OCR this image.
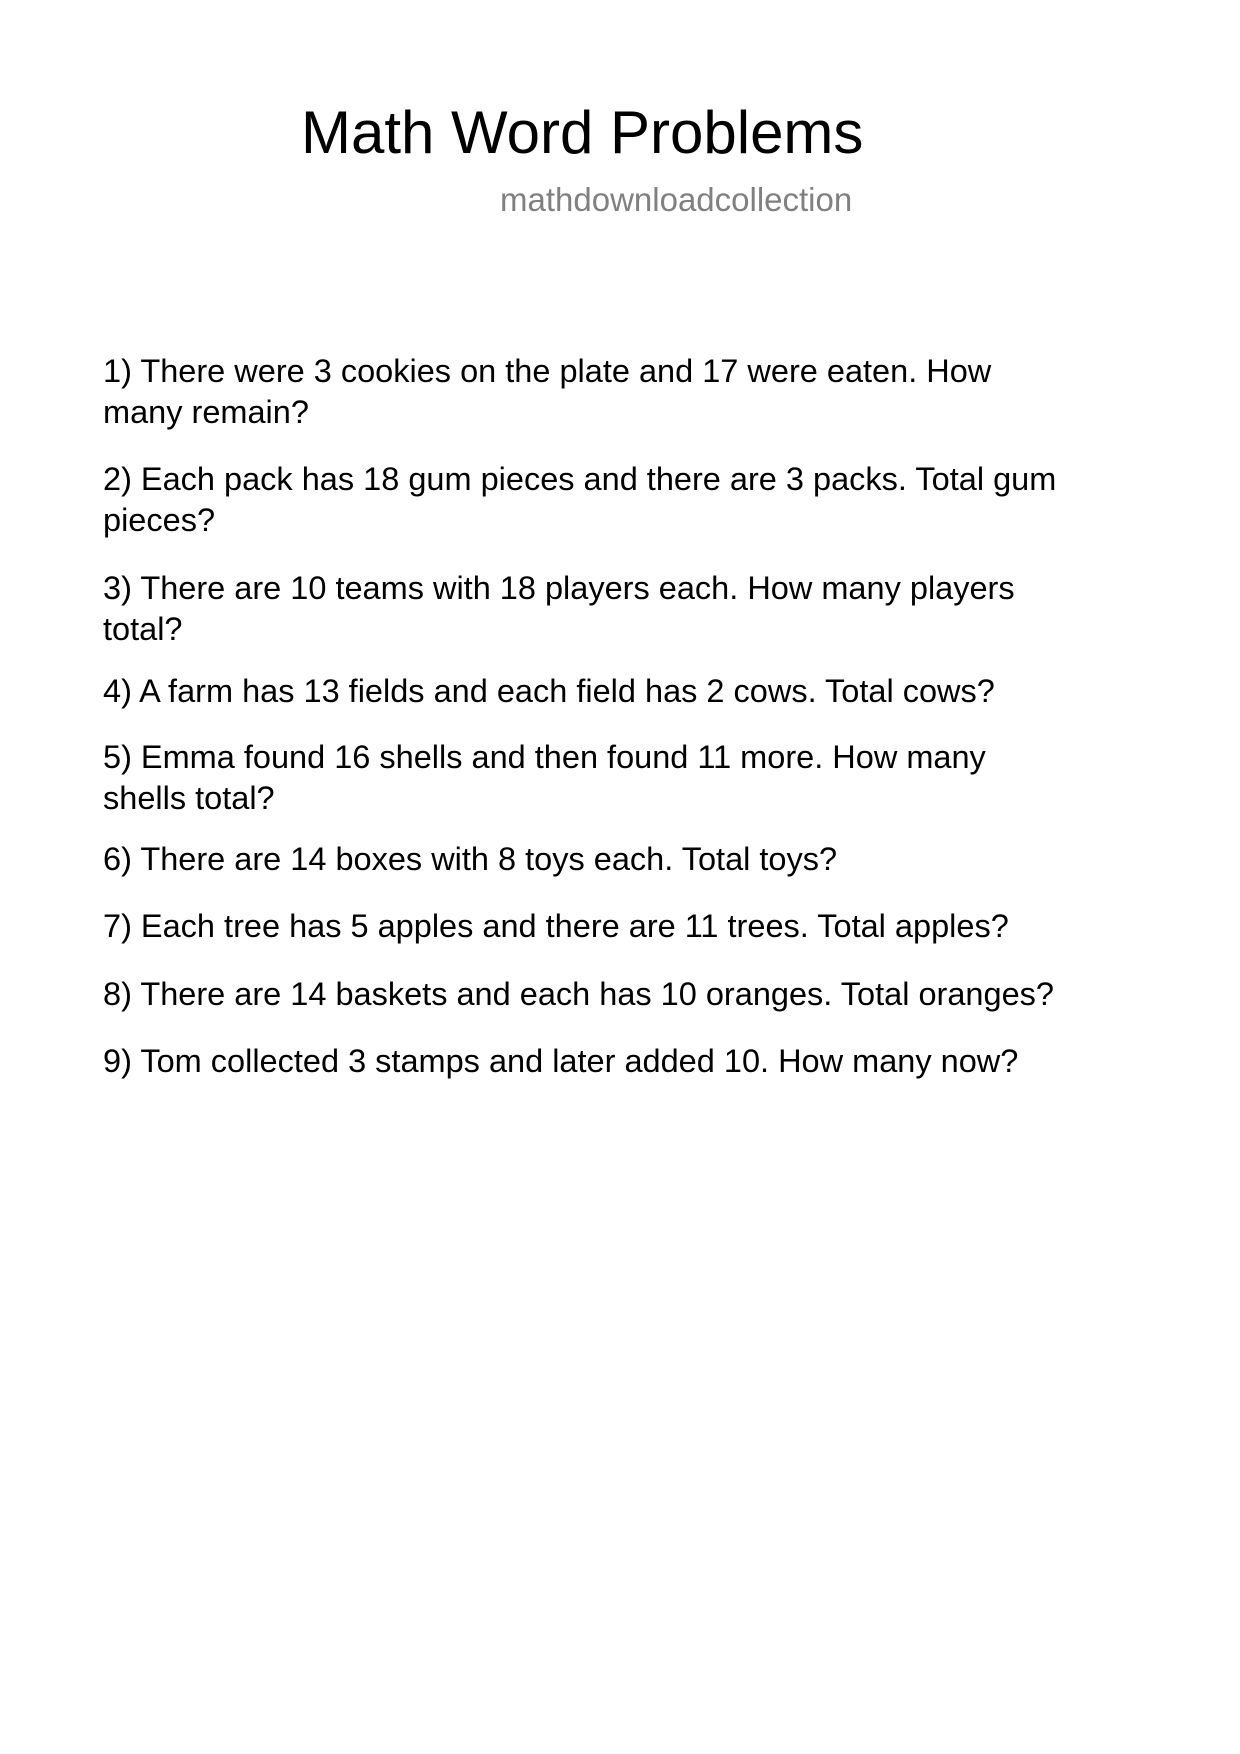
Math Word Problems
mathdownloadcollection
1) There were 3 cookies on the plate and 17 were eaten. How
many remain?
2) Each pack has 18 gum pieces and there are 3 packs. Total gum
pieces?
3) There are 10 teams with 18 players each. How many players
total?
4) A farm has 13 fields and each field has 2 cows. Total cows?
5) Emma found 16 shells and then found 11 more. How many
shells total?
6) There are 14 boxes with 8 toys each. Total toys?
7) Each tree has 5 apples and there are 11 trees. Total apples?
8) There are 14 baskets and each has 10 oranges. Total oranges?
9) Tom collected 3 stamps and later added 10. How many now?
